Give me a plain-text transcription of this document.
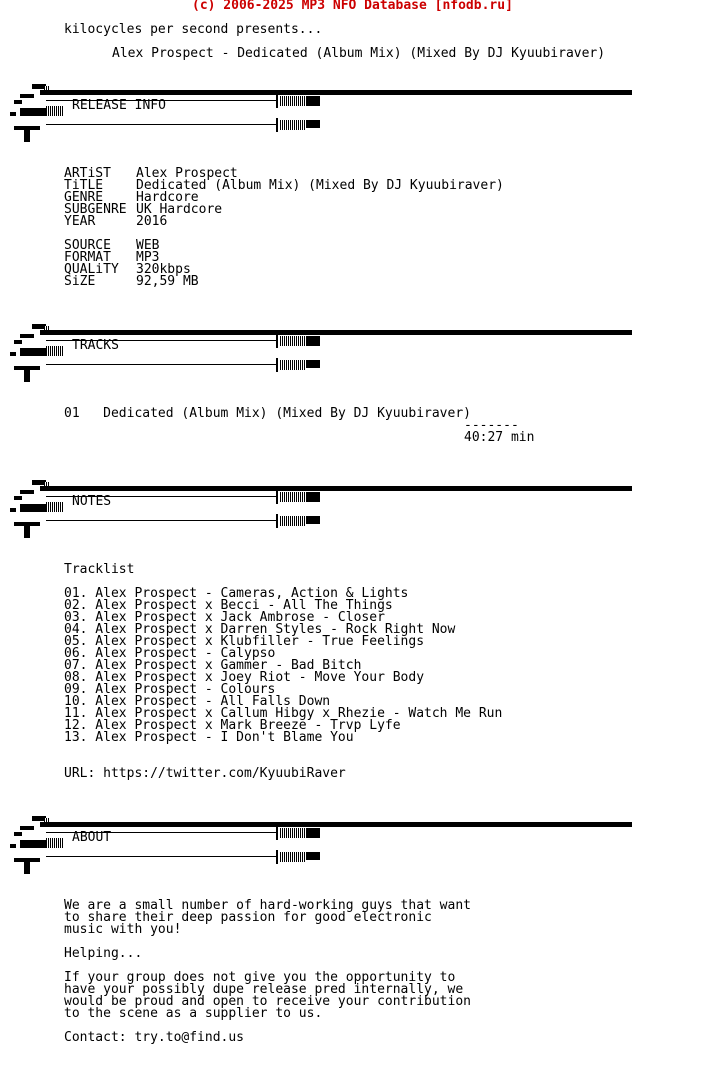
(c) 2006-2025 MP3 NFO Database [nfodb.ru]
kilocycles per second presents...
Alex Prospect - Dedicated (Album Mix) (Mixed By DJ Kyuubiraver)
RELEASE INFO
TRACKS
NOTES
ABOUT
ARTiST Alex Prospect
TiTLE	Dedicated (Album Mix) (Mixed By DJ Kyuubiraver)
GENRE	Hardcore
SUBGENRE UK Hardcore
YEAR	2016
SOURCE WEB
FORMAT MP3
QUALiTY 320kbps
SiZE	92,59 MB
01 Dedicated (Album Mix) (Mixed By DJ Kyuubiraver)
-------
40:27 min
Tracklist
01. Alex Prospect - Cameras, Action & Lights
02. Alex Prospect x Becci - All The Things
03. Alex Prospect x Jack Ambrose - Closer
04. Alex Prospect x Darren Styles - Rock Right Now
05. Alex Prospect x Klubfiller - True Feelings
06. Alex Prospect - Calypso
07. Alex Prospect x Gammer - Bad Bitch
08. Alex Prospect x Joey Riot - Move Your Body
09. Alex Prospect - Colours
10. Alex Prospect - All Falls Down
11. Alex Prospect x Callum Hibgy x Rhezie - Watch Me Run
12. Alex Prospect x Mark Breeze - Trvp Lyfe
13. Alex Prospect - I Don't Blame You
URL: https://twitter.com/KyuubiRaver
We are a small number of hard-working guys that want
to share their deep passion for good electronic
music with you!
Helping...
If your group does not give you the opportunity to
have your possibly dupe release pred internally, we
would be proud and open to receive your contribution
to the scene as a supplier to us.
Contact: try.to@find.us
